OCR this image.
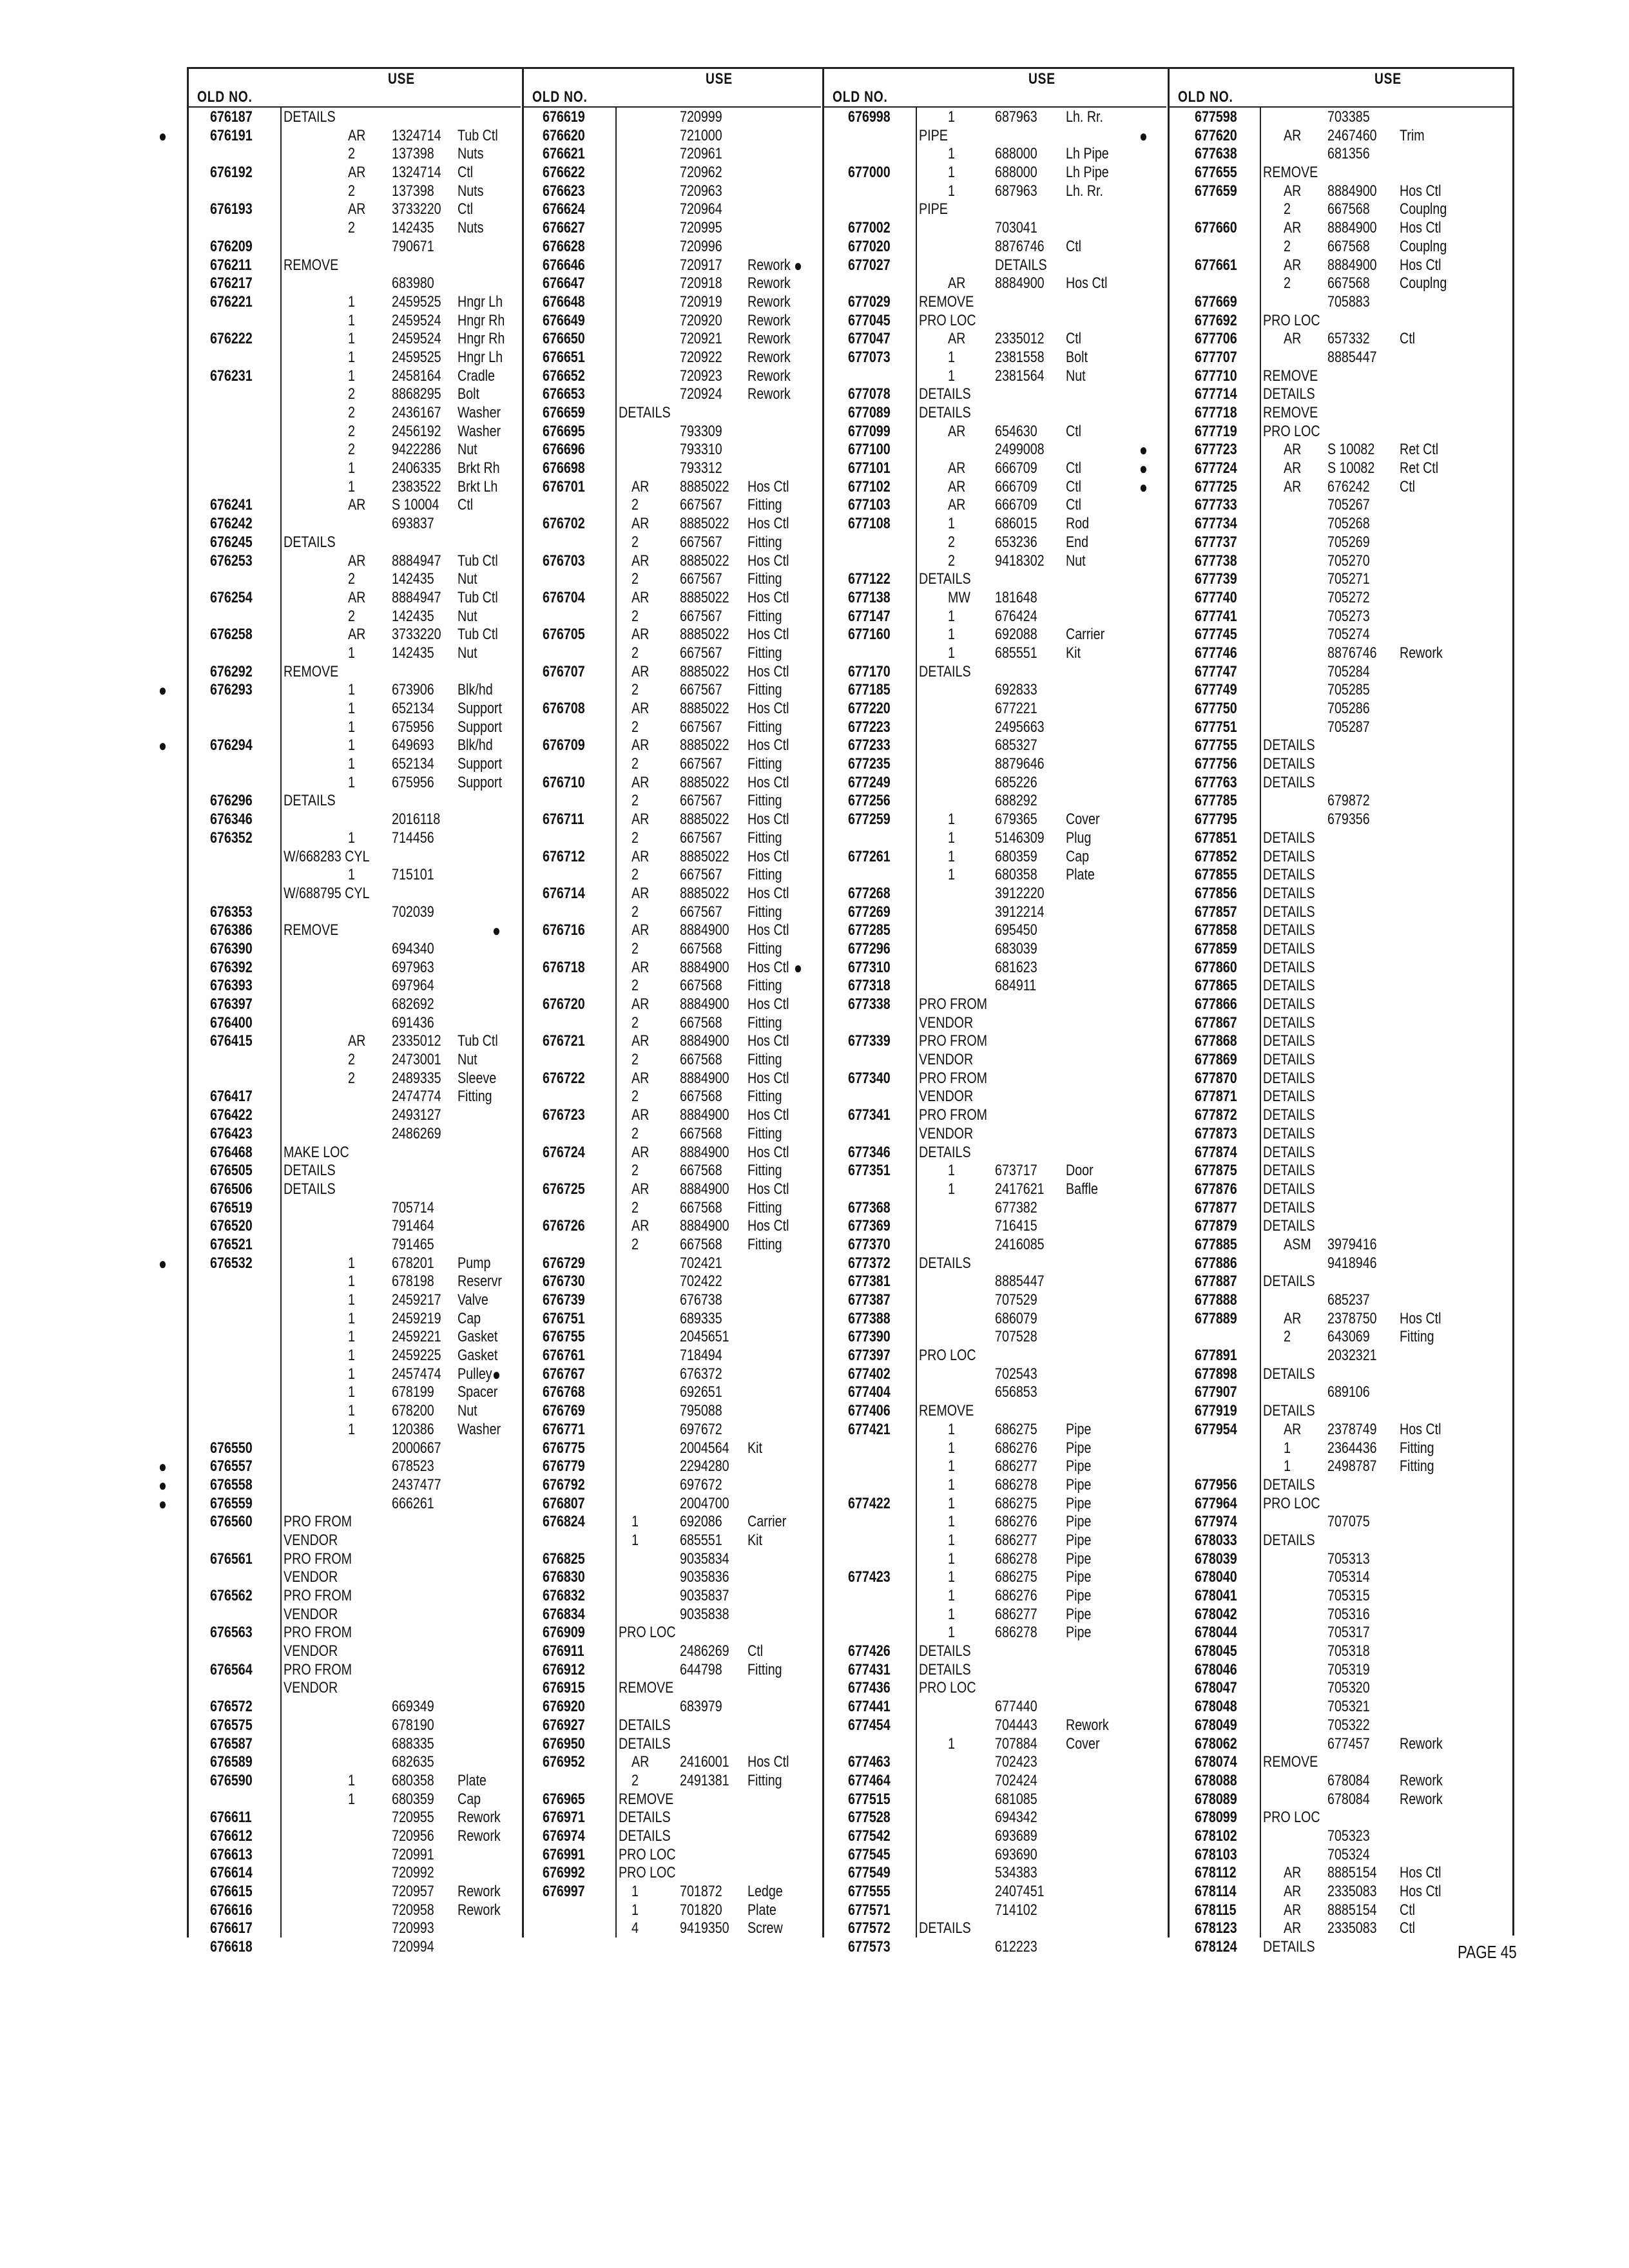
OLD NO.
USE
676187 DETAILS
●	676191	AR 1324714 Tub Ctl
2 137398 Nuts
676192	AR 1324714 Ctl
2 137398 Nuts
676193	AR 3733220 Ctl
2 142435 Nuts
676209	790671
676211 REMOVE
676217	683980
676221	1 2459525 Hngr Lh
1 2459524 Hngr Rh
676222	1 2459524 Hngr Rh
1 2459525 Hngr Lh
676231	1 2458164 Cradle
2 8868295 Bolt
2 2436167 Washer
2 2456192 Washer
2 9422286 Nut
1 2406335 Brkt Rh
1 2383522 Brkt Lh
676241	AR S 10004 Ctl
676242	693837
676245 DETAILS
676253	AR 8884947 Tub Ctl
2 142435 Nut
676254	AR 8884947 Tub Ctl
2 142435 Nut
676258	AR 3733220 Tub Ctl
1 142435 Nut
676292 REMOVE
●	676293	1 673906 Blk/hd
1 652134 Support
1 675956 Support
●	676294	1 649693 Blk/hd
1 652134 Support
1 675956 Support
676296 DETAILS
676346	2016118
676352	1 714456
W/668283 CYL
1 715101
W/688795 CYL
676353	702039
676386 REMOVE
676390	694340
676392	697963
676393	697964
676397	682692
676400	691436
676415	AR 2335012 Tub Ctl
2 2473001 Nut
2 2489335 Sleeve
676417	2474774 Fitting
676422	2493127
676423	2486269
676468 MAKE LOC
676505 DETAILS
676506 DETAILS
676519	705714
676520	791464
676521	791465
●	676532	1 678201 Pump
1 678198 Reservr
1 2459217 Valve
1 2459219 Cap
1 2459221 Gasket
1 2459225 Gasket
1 2457474 Pulley
1 678199 Spacer
1 678200 Nut
1 120386 Washer
676550	2000667
●	676557	678523
●	676558	2437477
●	676559	666261
676560 PRO FROM
VENDOR
676561 PRO FROM
VENDOR
676562 PRO FROM
VENDOR
676563 PRO FROM
VENDOR
676564 PRO FROM
VENDOR
676572	669349
676575	678190
676587	688335
676589	682635
676590	1 680358 Plate
1 680359 Cap
676611	720955 Rework
676612	720956 Rework
676613	720991
676614	720992
676615	720957 Rework
676616	720958 Rework
676617	720993
676618	720994
OLD NO.
USE
676619	720999
676620	721000
676621	720961
676622	720962
676623	720963
676624	720964
676627	720995
676628	720996
676646	720917 Rework
676647	720918 Rework
676648	720919 Rework
676649	720920 Rework
676650	720921 Rework
676651	720922 Rework
676652	720923 Rework
676653	720924 Rework
676659 DETAILS
676695	793309
676696	793310
676698	793312
676701	AR 8885022 Hos Ctl
2	667567 Fitting
676702	AR 8885022 Hos Ctl
2	667567 Fitting
676703	AR 8885022 Hos Ctl
2	667567 Fitting
676704	AR 8885022 Hos Ctl
2	667567 Fitting
676705	AR 8885022 Hos Ctl
2	667567 Fitting
676707	AR 8885022 Hos Ctl
2	667567 Fitting
676708	AR 8885022 Hos Ctl
2	667567 Fitting
676709	AR 8885022 Hos Ctl
2	667567 Fitting
676710	AR 8885022 Hos Ctl
2	667567 Fitting
676711	AR 8885022 Hos Ctl
2	667567 Fitting
676712	AR 8885022 Hos Ctl
2	667567 Fitting
676714	AR 8885022 Hos Ctl
2	667567 Fitting
●	676716	AR 8884900 Hos Ctl
2	667568 Fitting
676718	AR 8884900 Hos Ctl
2	667568 Fitting
676720	AR 8884900 Hos Ctl
2	667568 Fitting
676721	AR 8884900 Hos Ctl
2	667568 Fitting
676722	AR 8884900 Hos Ctl
2	667568 Fitting
676723	AR 8884900 Hos Ctl
2	667568 Fitting
676724	AR 8884900 Hos Ctl
2	667568 Fitting
676725	AR 8884900 Hos Ctl
2	667568 Fitting
676726	AR 8884900 Hos Ctl
2	667568 Fitting
676729	702421
676730	702422
676739	676738
676751	689335
676755	2045651
676761	718494
●	676767	676372
676768	692651
676769	795088
676771	697672
676775	2004564 Kit
676779	2294280
676792	697672
676807	2004700
676824	1	692086 Carrier
1	685551 Kit
676825	9035834
676830	9035836
676832	9035837
676834	9035838
676909 PRO LOC
676911	2486269 Ctl
676912	644798 Fitting
676915 REMOVE
676920	683979
676927 DETAILS
676950 DETAILS
676952	AR 2416001 Hos Ctl
2	2491381 Fitting
676965 REMOVE
676971 DETAILS
676974 DETAILS
676991 PRO LOC
676992 PRO LOC
676997	1	701872 Ledge
1	701820 Plate
4	9419350 Screw
OLD NO.
USE
676998	1	687963 Lh. Rr.
PIPE
1	688000 Lh Pipe
677000	1	688000 Lh Pipe
1	687963 Lh. Rr.
PIPE
677002	703041
677020	8876746 Ctl
●	677027	DETAILS
AR 8884900 Hos Ctl
677029 REMOVE
677045 PRO LOC
677047	AR 2335012 Ctl
677073	1	2381558 Bolt
1	2381564 Nut
677078 DETAILS
677089 DETAILS
677099	AR 654630 Ctl
677100	2499008
677101	AR 666709 Ctl
677102	AR 666709 Ctl
677103	AR 666709 Ctl
677108	1	686015 Rod
2	653236 End
2	9418302 Nut
677122 DETAILS
677138	MW 181648
677147	1	676424
677160	1	692088 Carrier
1	685551 Kit
677170 DETAILS
677185	692833
677220	677221
677223	2495663
677233	685327
677235	8879646
677249	685226
677256	688292
677259	1	679365 Cover
1	5146309 Plug
677261	1	680359 Cap
1	680358 Plate
677268	3912220
677269	3912214
677285	695450
677296	683039
●	677310	681623
677318	684911
677338 PRO FROM
VENDOR
677339 PRO FROM
VENDOR
677340 PRO FROM
VENDOR
677341 PRO FROM
VENDOR
677346 DETAILS
677351	1	673717 Door
1	2417621 Baffle
677368	677382
677369	716415
677370	2416085
677372 DETAILS
677381	8885447
677387	707529
677388	686079
677390	707528
677397 PRO LOC
677402	702543
677404	656853
677406 REMOVE
677421	1	686275 Pipe
1	686276 Pipe
1	686277 Pipe
1	686278 Pipe
677422	1	686275 Pipe
1	686276 Pipe
1	686277 Pipe
1	686278 Pipe
677423	1	686275 Pipe
1	686276 Pipe
1	686277 Pipe
1	686278 Pipe
677426 DETAILS
677431 DETAILS
677436 PRO LOC
677441	677440
677454	704443 Rework
1	707884 Cover
677463	702423
677464	702424
677515	681085
677528	694342
677542	693689
677545	693690
677549	534383
677555	2407451
677571	714102
677572 DETAILS
677573	612223
OLD NO.
USE
677598	703385
●	677620	AR 2467460 Trim
677638	681356
677655 REMOVE
677659	AR 8884900 Hos Ctl
2 667568 Couplng
677660	AR 8884900 Hos Ctl
2 667568 Couplng
677661	AR 8884900 Hos Ctl
2 667568 Couplng
677669	705883
677692 PRO LOC
677706	AR 657332 Ctl
677707	8885447
677710 REMOVE
677714 DETAILS
677718 REMOVE
677719 PRO LOC
●	677723	AR S 10082 Ret Ctl
●	677724	AR S 10082 Ret Ctl
●	677725	AR 676242 Ctl
677733	705267
677734	705268
677737	705269
677738	705270
677739	705271
677740	705272
677741	705273
677745	705274
677746	8876746 Rework
677747	705284
677749	705285
677750	705286
677751	705287
677755 DETAILS
677756 DETAILS
677763 DETAILS
677785	679872
677795	679356
677851 DETAILS
677852 DETAILS
677855 DETAILS
677856 DETAILS
677857 DETAILS
677858 DETAILS
677859 DETAILS
677860 DETAILS
677865 DETAILS
677866 DETAILS
677867 DETAILS
677868 DETAILS
677869 DETAILS
677870 DETAILS
677871 DETAILS
677872 DETAILS
677873 DETAILS
677874 DETAILS
677875 DETAILS
677876 DETAILS
677877 DETAILS
677879 DETAILS
677885	ASM 3979416
677886	9418946
677887 DETAILS
677888	685237
677889	AR 2378750 Hos Ctl
2 643069 Fitting
677891	2032321
677898 DETAILS
677907	689106
677919 DETAILS
677954	AR 2378749 Hos Ctl
1 2364436 Fitting
1 2498787 Fitting
677956 DETAILS
677964 PRO LOC
677974	707075
678033 DETAILS
678039	705313
678040	705314
678041	705315
678042	705316
678044	705317
678045	705318
678046	705319
678047	705320
678048	705321
678049	705322
678062	677457 Rework
678074 REMOVE
678088	678084 Rework
678089	678084 Rework
678099 PRO LOC
678102	705323
678103	705324
678112	AR 8885154 Hos Ctl
678114	AR 2335083 Hos Ctl
678115	AR 8885154 Ctl
678123	AR 2335083 Ctl
678124 DETAILS	PAGE 45
